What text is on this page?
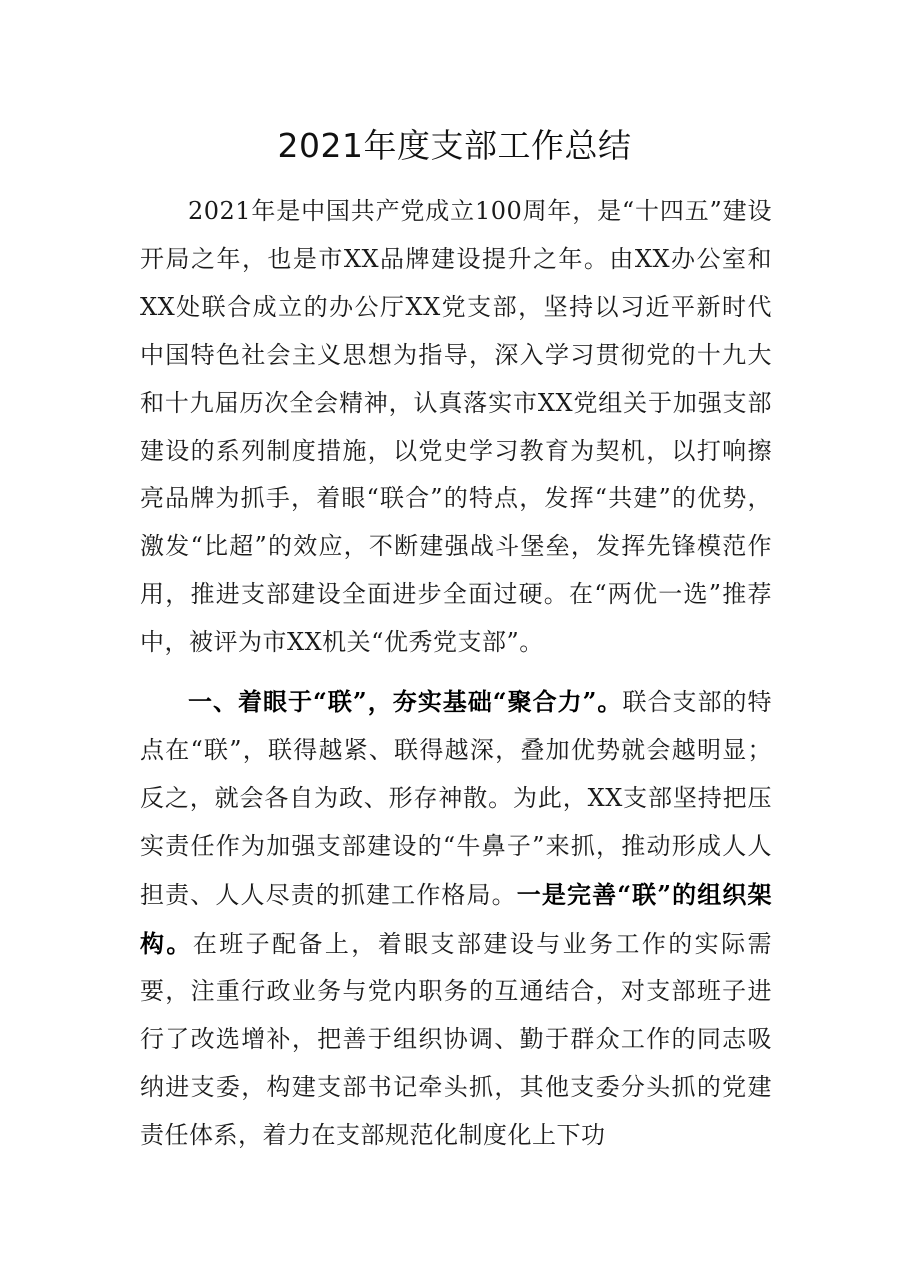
2021年度支部工作总结

2021年是中国共产党成立100周年，是“十四五”建设开局之年，也是市XX品牌建设提升之年。由XX办公室和XX处联合成立的办公厅XX党支部，坚持以习近平新时代中国特色社会主义思想为指导，深入学习贯彻党的十九大和十九届历次全会精神，认真落实市XX党组关于加强支部建设的系列制度措施，以党史学习教育为契机，以打响擦亮品牌为抓手，着眼“联合”的特点，发挥“共建”的优势，激发“比超”的效应，不断建强战斗堡垒，发挥先锋模范作用，推进支部建设全面进步全面过硬。在“两优一选”推荐中，被评为市XX机关“优秀党支部”。

一、着眼于“联”，夯实基础“聚合力”。联合支部的特点在“联”，联得越紧、联得越深，叠加优势就会越明显；反之，就会各自为政、形存神散。为此，XX支部坚持把压实责任作为加强支部建设的“牛鼻子”来抓，推动形成人人担责、人人尽责的抓建工作格局。一是完善“联”的组织架构。在班子配备上，着眼支部建设与业务工作的实际需要，注重行政业务与党内职务的互通结合，对支部班子进行了改选增补，把善于组织协调、勤于群众工作的同志吸纳进支委，构建支部书记牵头抓，其他支委分头抓的党建责任体系，着力在支部规范化制度化上下功
